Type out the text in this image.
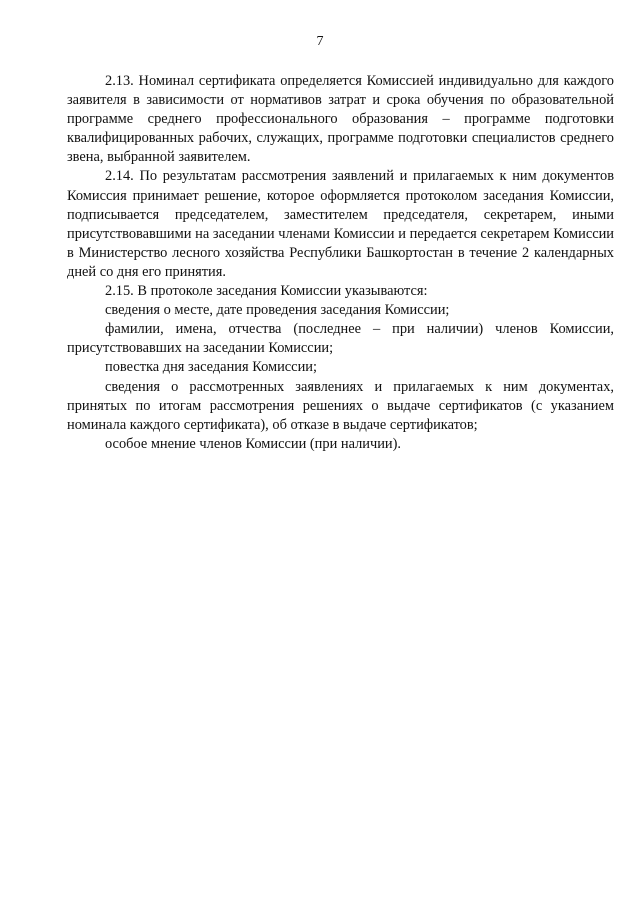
7

2.13. Номинал сертификата определяется Комиссией индивидуально для каждого заявителя в зависимости от нормативов затрат и срока обучения по образовательной программе среднего профессионального образования – программе подготовки квалифицированных рабочих, служащих, программе подготовки специалистов среднего звена, выбранной заявителем.

2.14. По результатам рассмотрения заявлений и прилагаемых к ним документов Комиссия принимает решение, которое оформляется протоколом заседания Комиссии, подписывается председателем, заместителем председателя, секретарем, иными присутствовавшими на заседании членами Комиссии и передается секретарем Комиссии в Министерство лесного хозяйства Республики Башкортостан в течение 2 календарных дней со дня его принятия.

2.15. В протоколе заседания Комиссии указываются:

сведения о месте, дате проведения заседания Комиссии;

фамилии, имена, отчества (последнее – при наличии) членов Комиссии, присутствовавших на заседании Комиссии;

повестка дня заседания Комиссии;

сведения о рассмотренных заявлениях и прилагаемых к ним документах, принятых по итогам рассмотрения решениях о выдаче сертификатов (с указанием номинала каждого сертификата), об отказе в выдаче сертификатов;

особое мнение членов Комиссии (при наличии).
